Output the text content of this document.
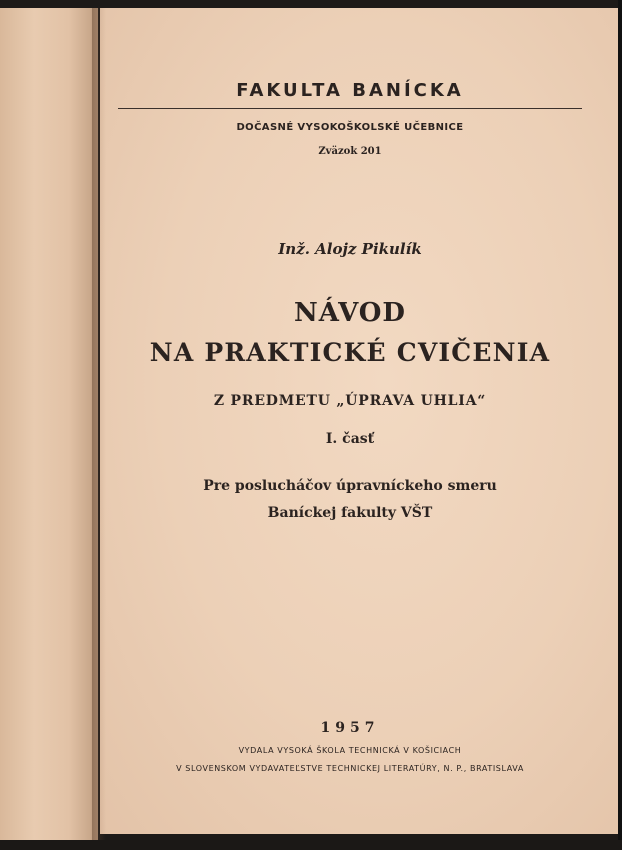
FAKULTA BANÍCKA
DOČASNÉ VYSOKOŠKOLSKÉ UČEBNICE
Zväzok 201
Inž. Alojz Pikulík
NÁVOD
NA PRAKTICKÉ CVIČENIA
Z PREDMETU „ÚPRAVA UHLIA“
I. časť
Pre poslucháčov úpravníckeho smeru
Baníckej fakulty VŠT
1957
VYDALA VYSOKÁ ŠKOLA TECHNICKÁ V KOŠICIACH
V SLOVENSKOM VYDAVATEĽSTVE TECHNICKEJ LITERATÚRY, N. P., BRATISLAVA
